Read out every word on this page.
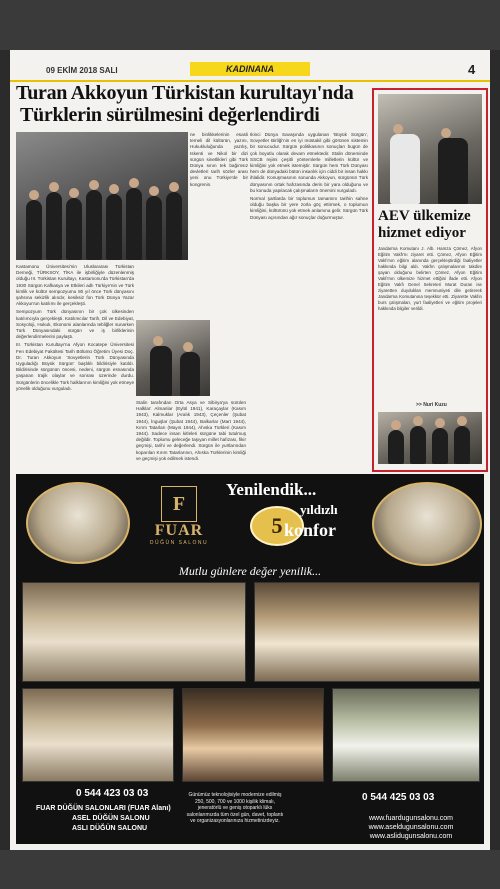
09 EKİM 2018 SALI	KADINANA	4
Turan Akkoyun Türkistan kurultayı'nda
Türklerin sürülmesini değerlendirdi

ne binlikkelerinin esasli temeli dil kültürün, yazını, Hukukluluğunda yazılış, Iskenti ve Nikol bir dizi sürgün sinetlikleri gibi Türk Dünya sının tek bağımsız devletleri tarih sözler arası yeni onu Türkiye'de bir kongrenin.

Kastamonu Üniversitesi'nin Uluslararası Türkistan Derneği, TÜRKSOY, TİKA ile işbirliğiyle düzenlenmiş olduğu III. Türkistan Kurultayı, Kastamonu'da Türkistan'da 1930 Sürgün Kafkasya ve Etkileri adlı Türkiye'nin ve Türk kimlik ve kültür sempozyumu 80 yıl önce Türk dünyasını şahsına sekizlik alındır, kesiksiz fon Türk Dünya Yazar Akkoyun'un katılımı ile gerçekleşti.

Sempozyum Türk dünyasının bir çok ülkesinden katılımcıyla gerçekleşti. Katılımcılar Tarih, Dil ve Edebiyat, Sosyoloji, Hukuk, Ekonomi alanlarında tebliğler sunarken Türk Dünyasındaki sürgün ve iş birliklerinin değerlendirmelerini paylaştı.

III. Türkistan Kurultayı'na Afyon Kocatepe Üniversitesi Fen Edebiyat Fakültesi Tarih Bölümü Öğretim Üyesi Doç. Dr. Turan Akkoyun 'Sovyetlerin Türk Dünyasında Uyguladığı Büyük Sürgün' başlıklı bildirisiyle katıldı. Bildirisinde sürgünün öncesi, nedeni, sürgün esnasında yaşanan trajik olaylar ve sonrası üzerinde durdu. Sürgünlerin öncelikle Türk halklarının kimliğini yok etmeye yönelik olduğunu vurguladı.

Stalin tarafından Orta Asya ve Sibirya'ya sürülen Halklar: Almanlar (Eylül 1941), Karaçaylar (Kasım 1943), Kalmuklar (Aralık 1943), Çeçenler (Şubat 1944), İnguşlar (Şubat 1944), Balkarlar (Mart 1944), Kırım Tatarları (Mayıs 1944), Ahıska Türkleri (Kasım 1944). Sadece insan kitleleri sürgüne tabi tutulmuş değildir. Toplumu geleceğe taşıyan millet hafızası, fikir geçmişi, tarihi ve değerlendi. Sürgün ile yurtlarından koparılan Kırım Tatarlarının, Ahıska Türklerinin kimliği ve geçmişi yok edilmek istendi.

Ikinci Dünya Savaşında uygulanan 'Büyük Sürgün', Sovyetler Birliği'nin en iyi müstakil gibi görünen sistemin bir sonucudur. Sürgün politikasının sonuçları bugün de çok boyutlu olarak devam etmektedir. Stalin döneminde SSCB rejimi çeşitli yöntemlerle milletlerin kültür ve kimliğini yok etmek istemiştir. Sürgün hem Türk Dünyası hem de dünyadaki bütün insanlık için ciddi bir insan hakkı ihlalidir. Konuşmasının sonunda Akkoyun, sürgünün Türk dünyasının ortak hafızasında derin bir yara olduğunu ve bu konuda yapılacak çalışmaların önemini vurguladı.

Normal şartlarda bir toplumun tamamını tarihin sahne olduğu başka bir yere zorla göç ettirmek, o toplumun kimliğini, kültürünü yok etmek anlamına gelir. Sürgün Türk Dünyası açısından ağır sonuçlar doğurmuştur.	AEV ülkemize
hizmet ediyor
Jandarma Komutanı J. Alb. Hamza Çömez, Afyon Eğitim Vakfı'nı ziyaret etti. Çömez, Afyon Eğitim Vakfı'nın eğitim alanında gerçekleştirdiği faaliyetler hakkında bilgi aldı. Vakfın çalışmalarının takdire şayan olduğunu belirten Çömez, Afyon Eğitim Vakfı'nın ülkemize hizmet ettiğini ifade etti. Afyon Eğitim Vakfı Genel Sekreteri Murat Duran ise ziyaretten duydukları memnuniyeti dile getirerek Jandarma Komutanına teşekkür etti. Ziyarette Vakfın burs çalışmaları, yurt faaliyetleri ve eğitim projeleri hakkında bilgiler verildi.
>> Nuri Kuzu
F
FUAR
DÜĞÜN SALONU
Yenilendik...
5
yıldızlı
konfor
Mutlu günlere değer yenilik...
0 544 423 03 03
FUAR DÜĞÜN SALONLARI (FUAR Alanı)
ASEL DÜĞÜN SALONU
ASLI DÜĞÜN SALONU
Günümüz teknolojisiyle modernize edilmiş 250, 500, 700 ve 1000 kişilik klimalı, jeneratörlü ve geniş otoparklı lüks salonlarımızda tüm özel gün, davet, toplantı ve organizasyonlarınıza hizmetinizdeyiz.
0 544 425 03 03
www.fuardugunsalonu.com
www.aseldugunsalonu.com
www.aslidugunsalonu.com
